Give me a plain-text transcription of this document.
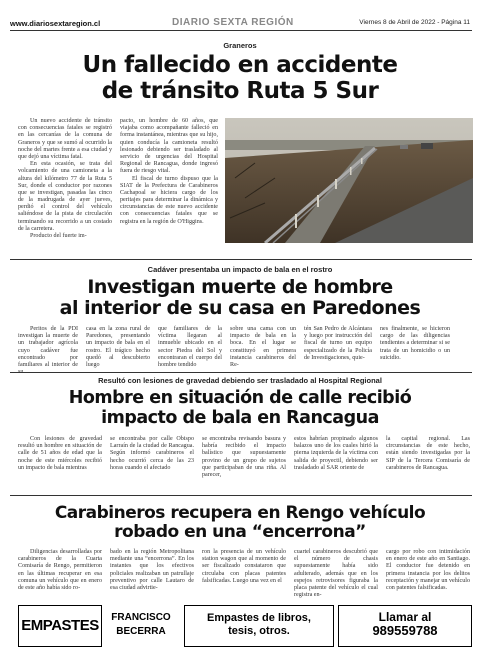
www.diariosextaregion.cl	DIARIO SEXTA REGIÓN	Viernes 8 de Abril de 2022 - Página 11
Graneros
Un fallecido en accidente
de tránsito Ruta 5 Sur

Un nuevo accidente de tránsito con consecuencias fatales se registró en las cercanías de la comuna de Graneros y que se sumó al ocurrido la noche del martes frente a esa ciudad y que dejó una víctima fatal.

En esta ocasión, se trata del volcamiento de una camioneta a la altura del kilómetro 77 de la Ruta 5 Sur, donde el conductor por razones que se investigan, pasadas las cinco de la madrugada de ayer jueves, perdió el control del vehículo saliéndose de la pista de circulación terminando su recorrido a un costado de la carretera.

Producto del fuerte im-

pacto, un hombre de 60 años, que viajaba como acompañante falleció en forma instantánea, mientras que su hijo, quien conducía la camioneta resultó lesionado debiendo ser trasladado al servicio de urgencias del Hospital Regional de Rancagua, donde ingresó fuera de riesgo vital.

El fiscal de turno dispuso que la SIAT de la Prefectura de Carabineros Cachapoal se hiciera cargo de los peritajes para determinar la dinámica y circunstancias de este nuevo accidente con consecuencias fatales que se registra en la región de O'Higgins.

Cadáver presentaba un impacto de bala en el rostro
Investigan muerte de hombre
al interior de su casa en Paredones

Peritos de la PDI investigan la muerte de un trabajador agrícola cuyo cadáver fue encontrado por familiares al interior de

casa en la zona rural de Paredones, presentando un impacto de bala en el rostro. El trágico hecho quedó al descubierto luego

que familiares de la víctima llegaran al inmueble ubicado en el sector Piedra del Sol y encontraran el cuerpo del hombre tendido

sobre una cama con un impacto de bala en la boca. En el lugar se constituyó en primera instancia carabineros del Re-

tén San Pedro de Alcántara y luego por instrucción del fiscal de turno un equipo especializado de la Policía de Investigaciones, quie-

nes finalmente, se hicieron cargo de las diligencias tendientes a determinar si se trata de un homicidio o un suicidio.

Resultó con lesiones de gravedad debiendo ser trasladado al Hospital Regional
Hombre en situación de calle recibió
impacto de bala en Rancagua

Con lesiones de gravedad resultó un hombre en situación de calle de 51 años de edad que la noche de este miércoles recibió un impacto de bala mientras

se encontraba por calle Obispo Larraín de la ciudad de Rancagua. Según informó carabineros el hecho ocurrió cerca de las 23 horas cuando el afectado

se encontraba revisando basura y habría recibido el impacto balístico que supuestamente provino de un grupo de sujetos que participaban de una riña. Al parecer,

estos habrían propinado algunos balazos uno de los cuales hirió la pierna izquierda de la víctima con salida de proyectil, debiendo ser trasladado al SAR oriente de

la capital regional. Las circunstancias de este hecho, están siendo investigadas por la SIP de la Tercera Comisaría de carabineros de Rancagua.

Carabineros recupera en Rengo vehículo
robado en una “encerrona”

Diligencias desarrolladas por carabineros de la Cuarta Comisaría de Rengo, permitieron en las últimas recuperar en esa comuna un vehículo que en enero de este año había sido ro-

bado en la región Metropolitana mediante una “encerrona”. En los instantes que los efectivos policiales realizaban un patrullaje preventivo por calle Lautaro de esa ciudad advirtie-

ron la presencia de un vehículo station wagon que al momento de ser fiscalizado constataron que circulaba con placas patentes falsificadas. Luego una vez en el

cuartel carabineros descubrió que el número de chasis supuestamente había sido adulterado, además que en los espejos retrovisores figuraba la placa patente del vehículo el cual registra en-

cargo por robo con intimidación en enero de este año en Santiago. El conductor fue detenido en primera instancia por los delitos receptación y manejar un vehículo con patentes falsificadas.

EMPASTES	FRANCISCO
BECERRA
Empastes de libros,
tesis, otros.
Llamar al
989559788
